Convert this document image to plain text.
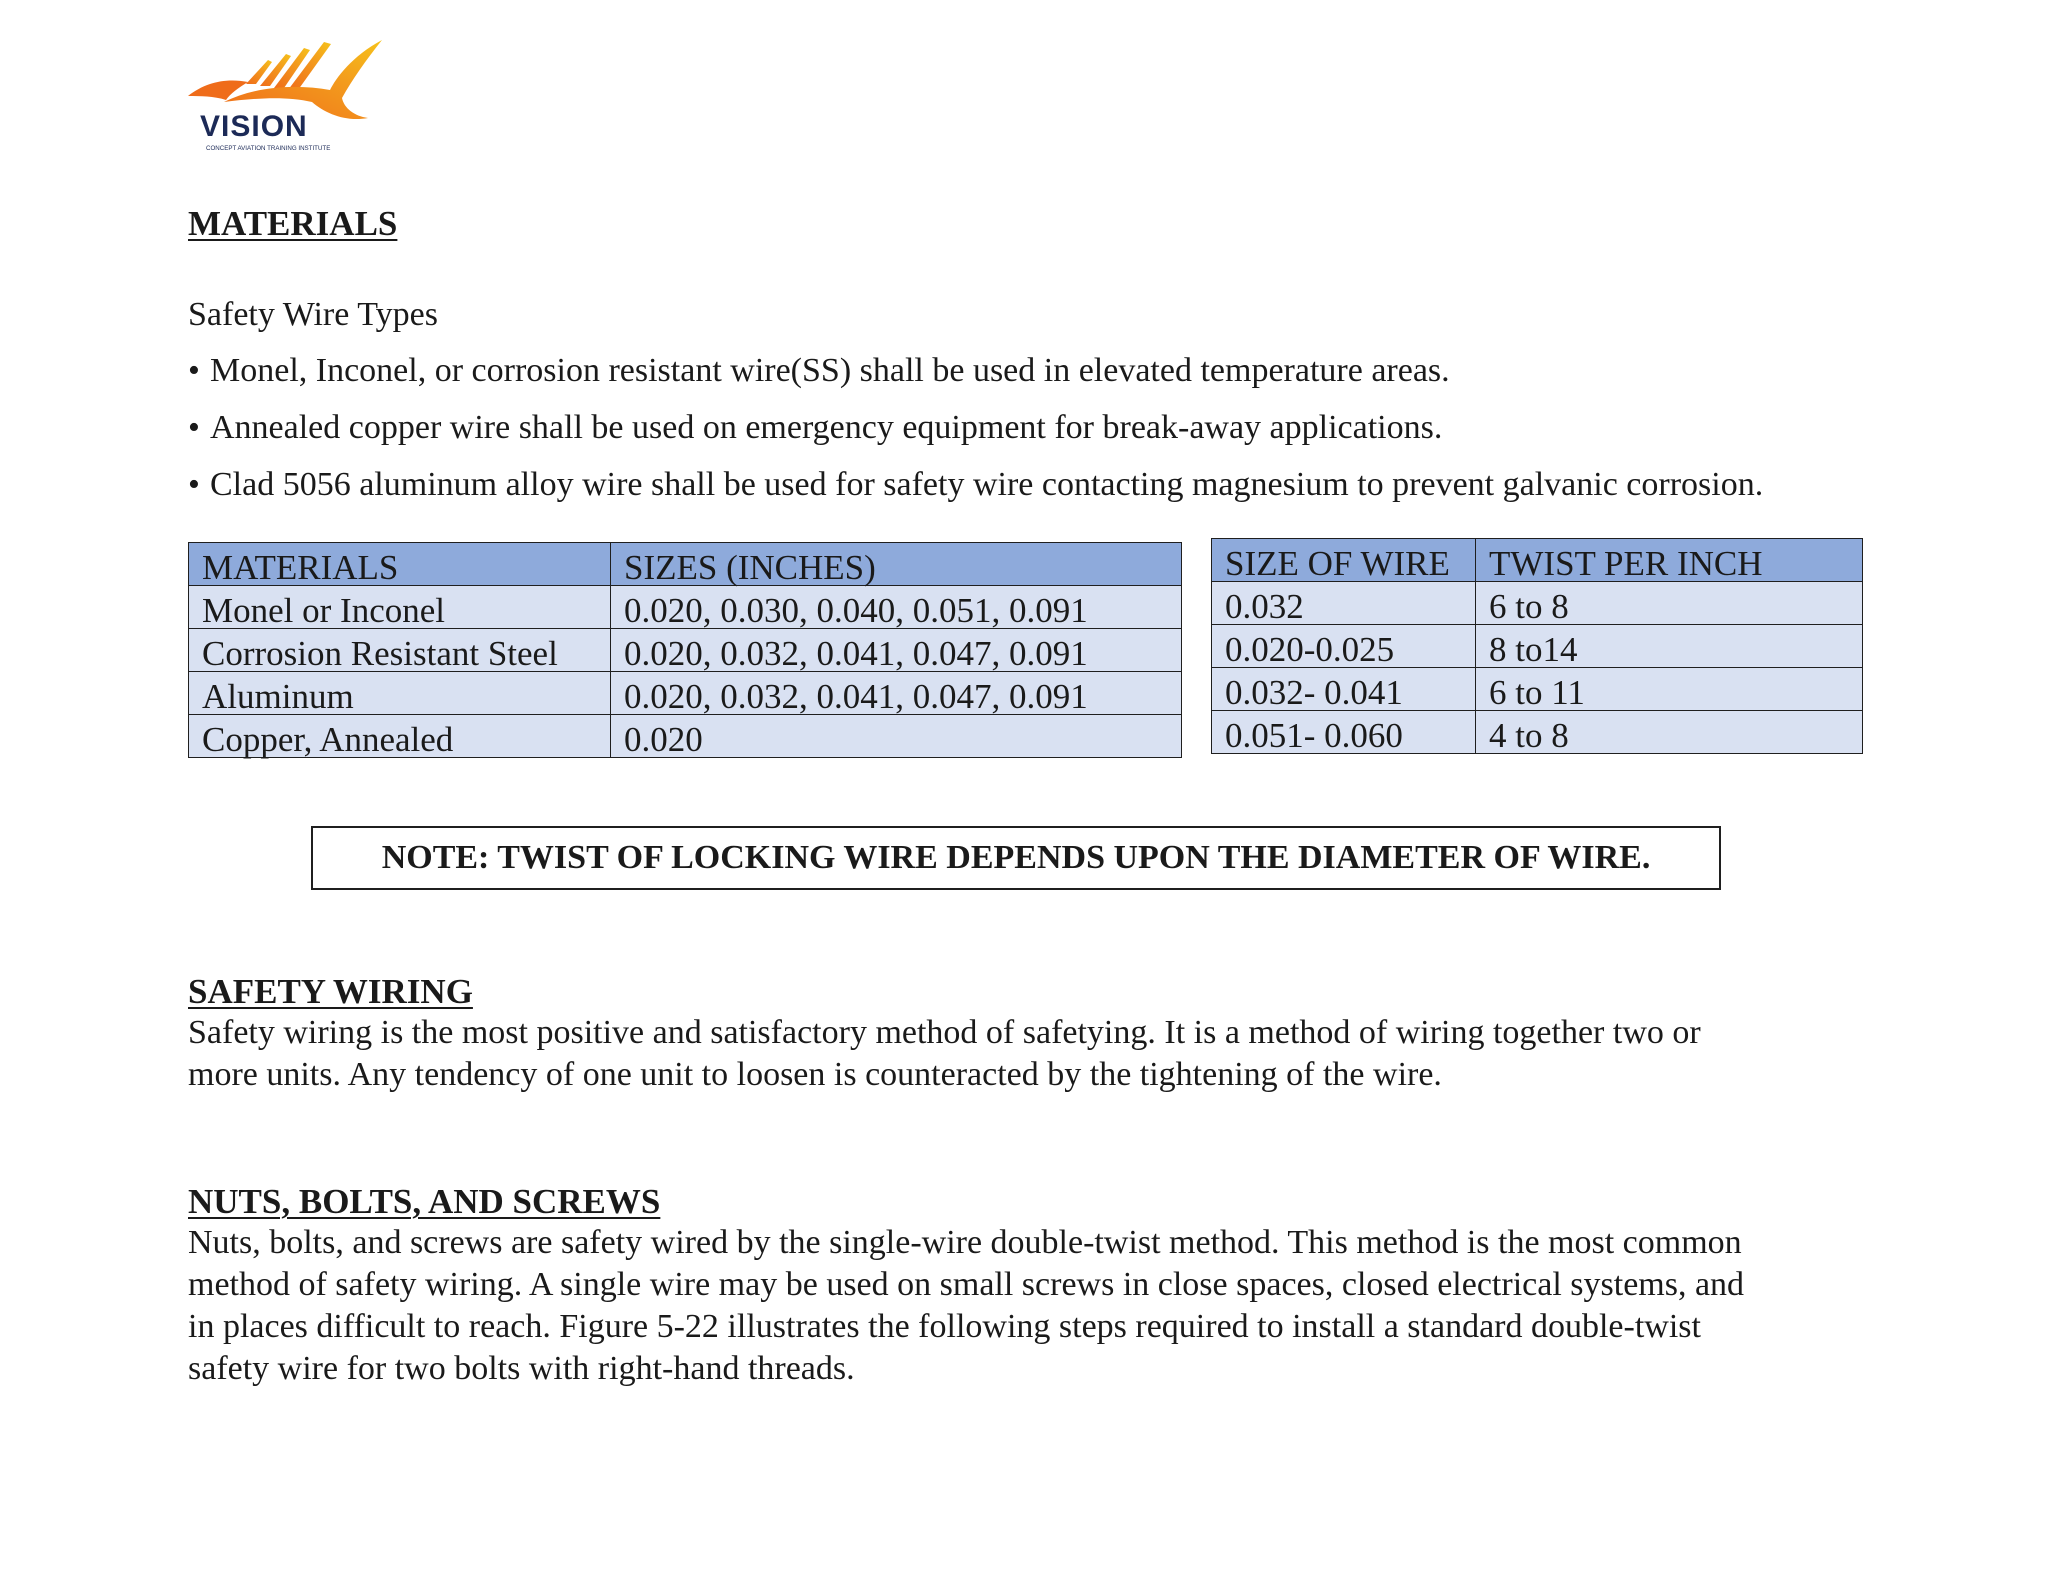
VISION
CONCEPT AVIATION TRAINING INSTITUTE
MATERIALS

Safety Wire Types

• Monel, Inconel, or corrosion resistant wire(SS) shall be used in elevated temperature areas.
• Annealed copper wire shall be used on emergency equipment for break-away applications.
• Clad 5056 aluminum alloy wire shall be used for safety wire contacting magnesium to prevent galvanic corrosion.
MATERIALS	SIZES (INCHES)
Monel or Inconel	0.020, 0.030, 0.040, 0.051, 0.091
Corrosion Resistant Steel	0.020, 0.032, 0.041, 0.047, 0.091
Aluminum	0.020, 0.032, 0.041, 0.047, 0.091
Copper, Annealed	0.020
SIZE OF WIRE	TWIST PER INCH
0.032	6 to 8
0.020-0.025	8 to14
0.032- 0.041	6 to 11
0.051- 0.060	4 to 8
NOTE: TWIST OF LOCKING WIRE DEPENDS UPON THE DIAMETER OF WIRE.
SAFETY WIRING

Safety wiring is the most positive and satisfactory method of safetying. It is a method of wiring together two or
more units. Any tendency of one unit to loosen is counteracted by the tightening of the wire.

NUTS, BOLTS, AND SCREWS

Nuts, bolts, and screws are safety wired by the single-wire double-twist method. This method is the most common
method of safety wiring. A single wire may be used on small screws in close spaces, closed electrical systems, and
in places difficult to reach. Figure 5-22 illustrates the following steps required to install a standard double-twist
safety wire for two bolts with right-hand threads.
